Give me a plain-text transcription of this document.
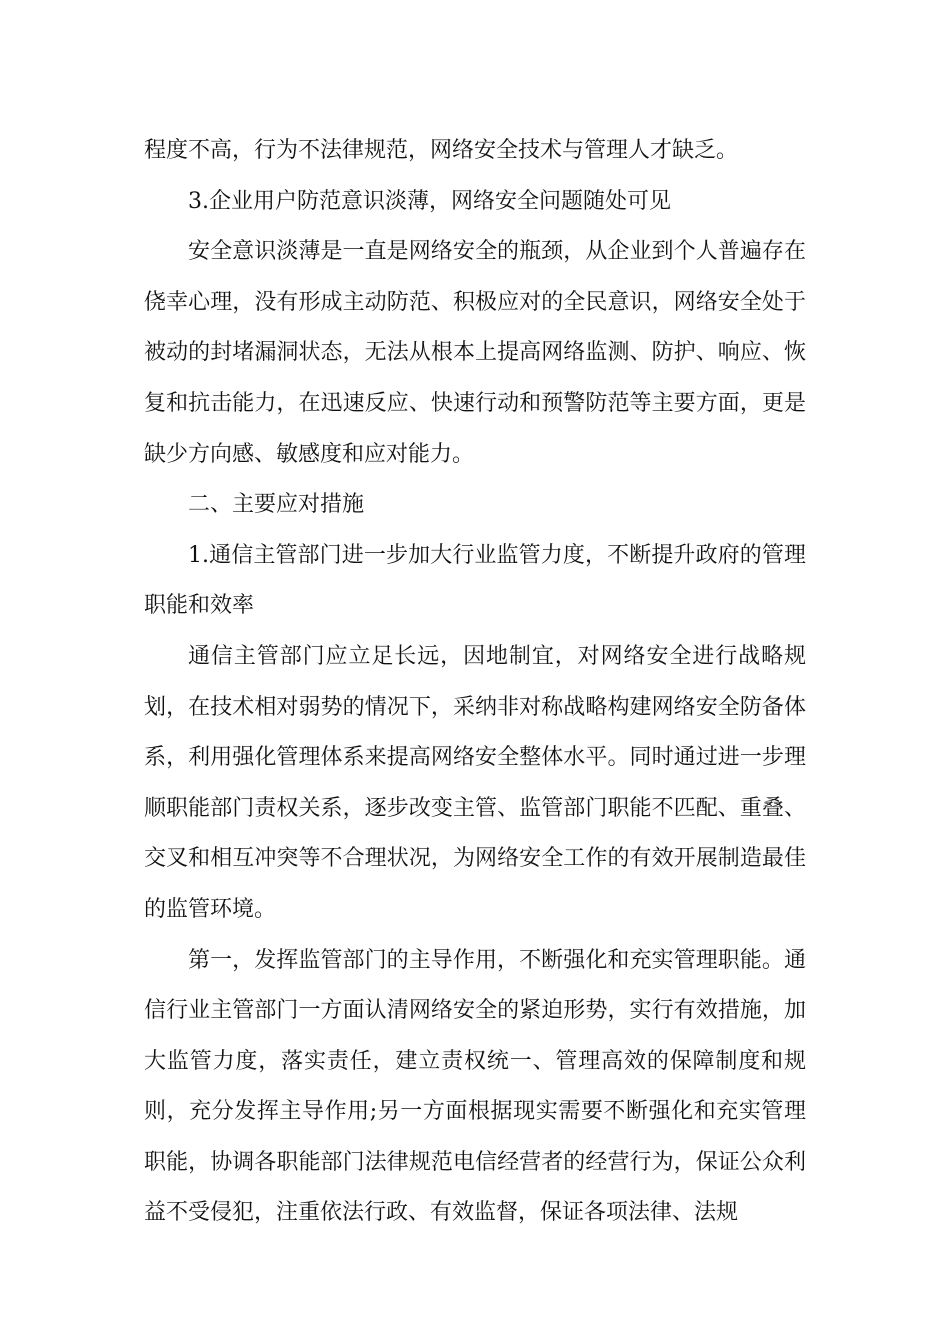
程度不高，行为不法律规范，网络安全技术与管理人才缺乏。

3.企业用户防范意识淡薄，网络安全问题随处可见

安全意识淡薄是一直是网络安全的瓶颈，从企业到个人普遍存在侥幸心理，没有形成主动防范、积极应对的全民意识，网络安全处于被动的封堵漏洞状态，无法从根本上提高网络监测、防护、响应、恢复和抗击能力，在迅速反应、快速行动和预警防范等主要方面，更是缺少方向感、敏感度和应对能力。

二、主要应对措施

1.通信主管部门进一步加大行业监管力度，不断提升政府的管理职能和效率

通信主管部门应立足长远，因地制宜，对网络安全进行战略规划，在技术相对弱势的情况下，采纳非对称战略构建网络安全防备体系，利用强化管理体系来提高网络安全整体水平。同时通过进一步理顺职能部门责权关系，逐步改变主管、监管部门职能不匹配、重叠、交叉和相互冲突等不合理状况，为网络安全工作的有效开展制造最佳的监管环境。

第一，发挥监管部门的主导作用，不断强化和充实管理职能。通信行业主管部门一方面认清网络安全的紧迫形势，实行有效措施，加大监管力度，落实责任，建立责权统一、管理高效的保障制度和规则，充分发挥主导作用;另一方面根据现实需要不断强化和充实管理职能，协调各职能部门法律规范电信经营者的经营行为，保证公众利益不受侵犯，注重依法行政、有效监督，保证各项法律、法规
